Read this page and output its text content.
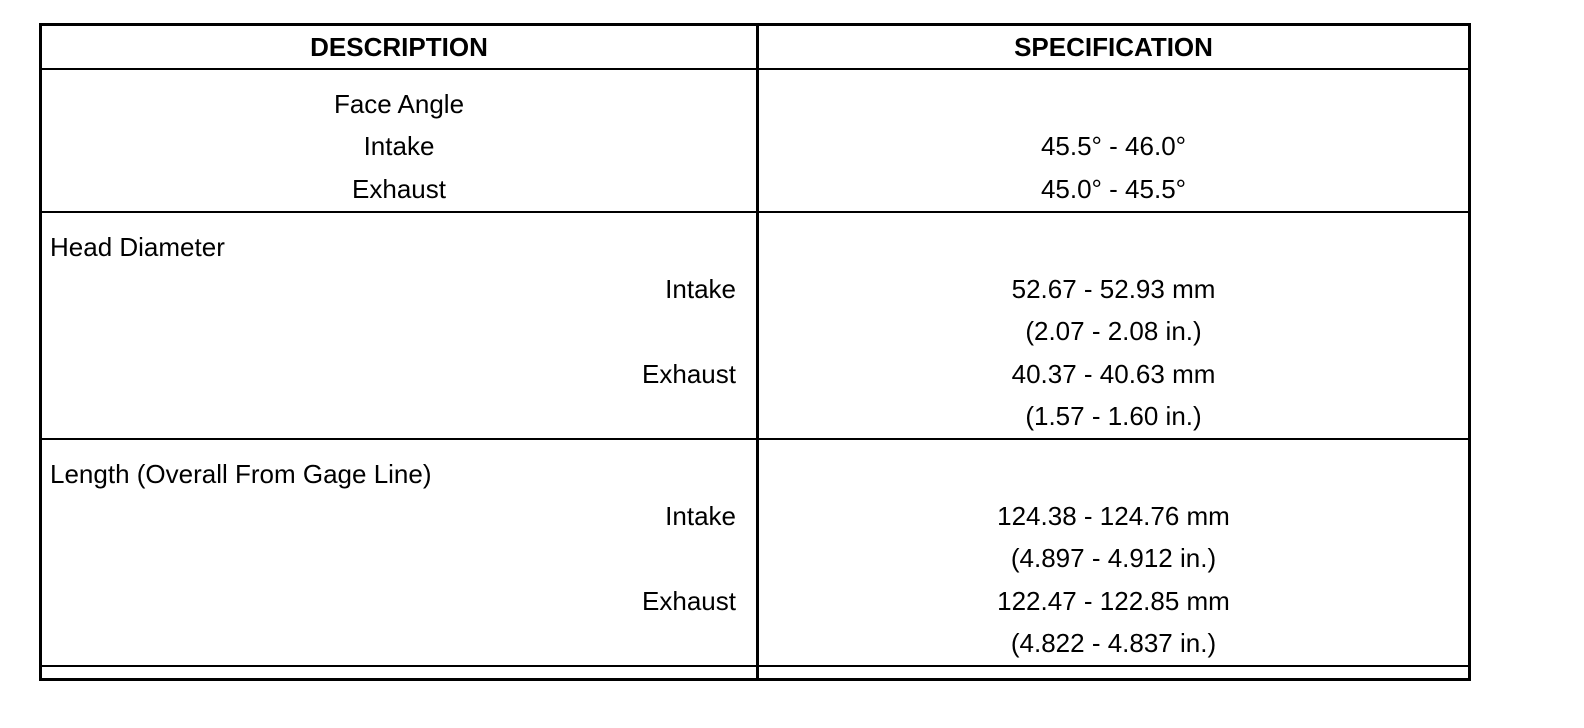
DESCRIPTION	SPECIFICATION
Face Angle
Intake	45.5° - 46.0°
Exhaust	45.0° - 45.5°
Head Diameter
Intake	52.67 - 52.93 mm
(2.07 - 2.08 in.)
Exhaust	40.37 - 40.63 mm
(1.57 - 1.60 in.)
Length (Overall From Gage Line)
Intake	124.38 - 124.76 mm
(4.897 - 4.912 in.)
Exhaust	122.47 - 122.85 mm
(4.822 - 4.837 in.)
